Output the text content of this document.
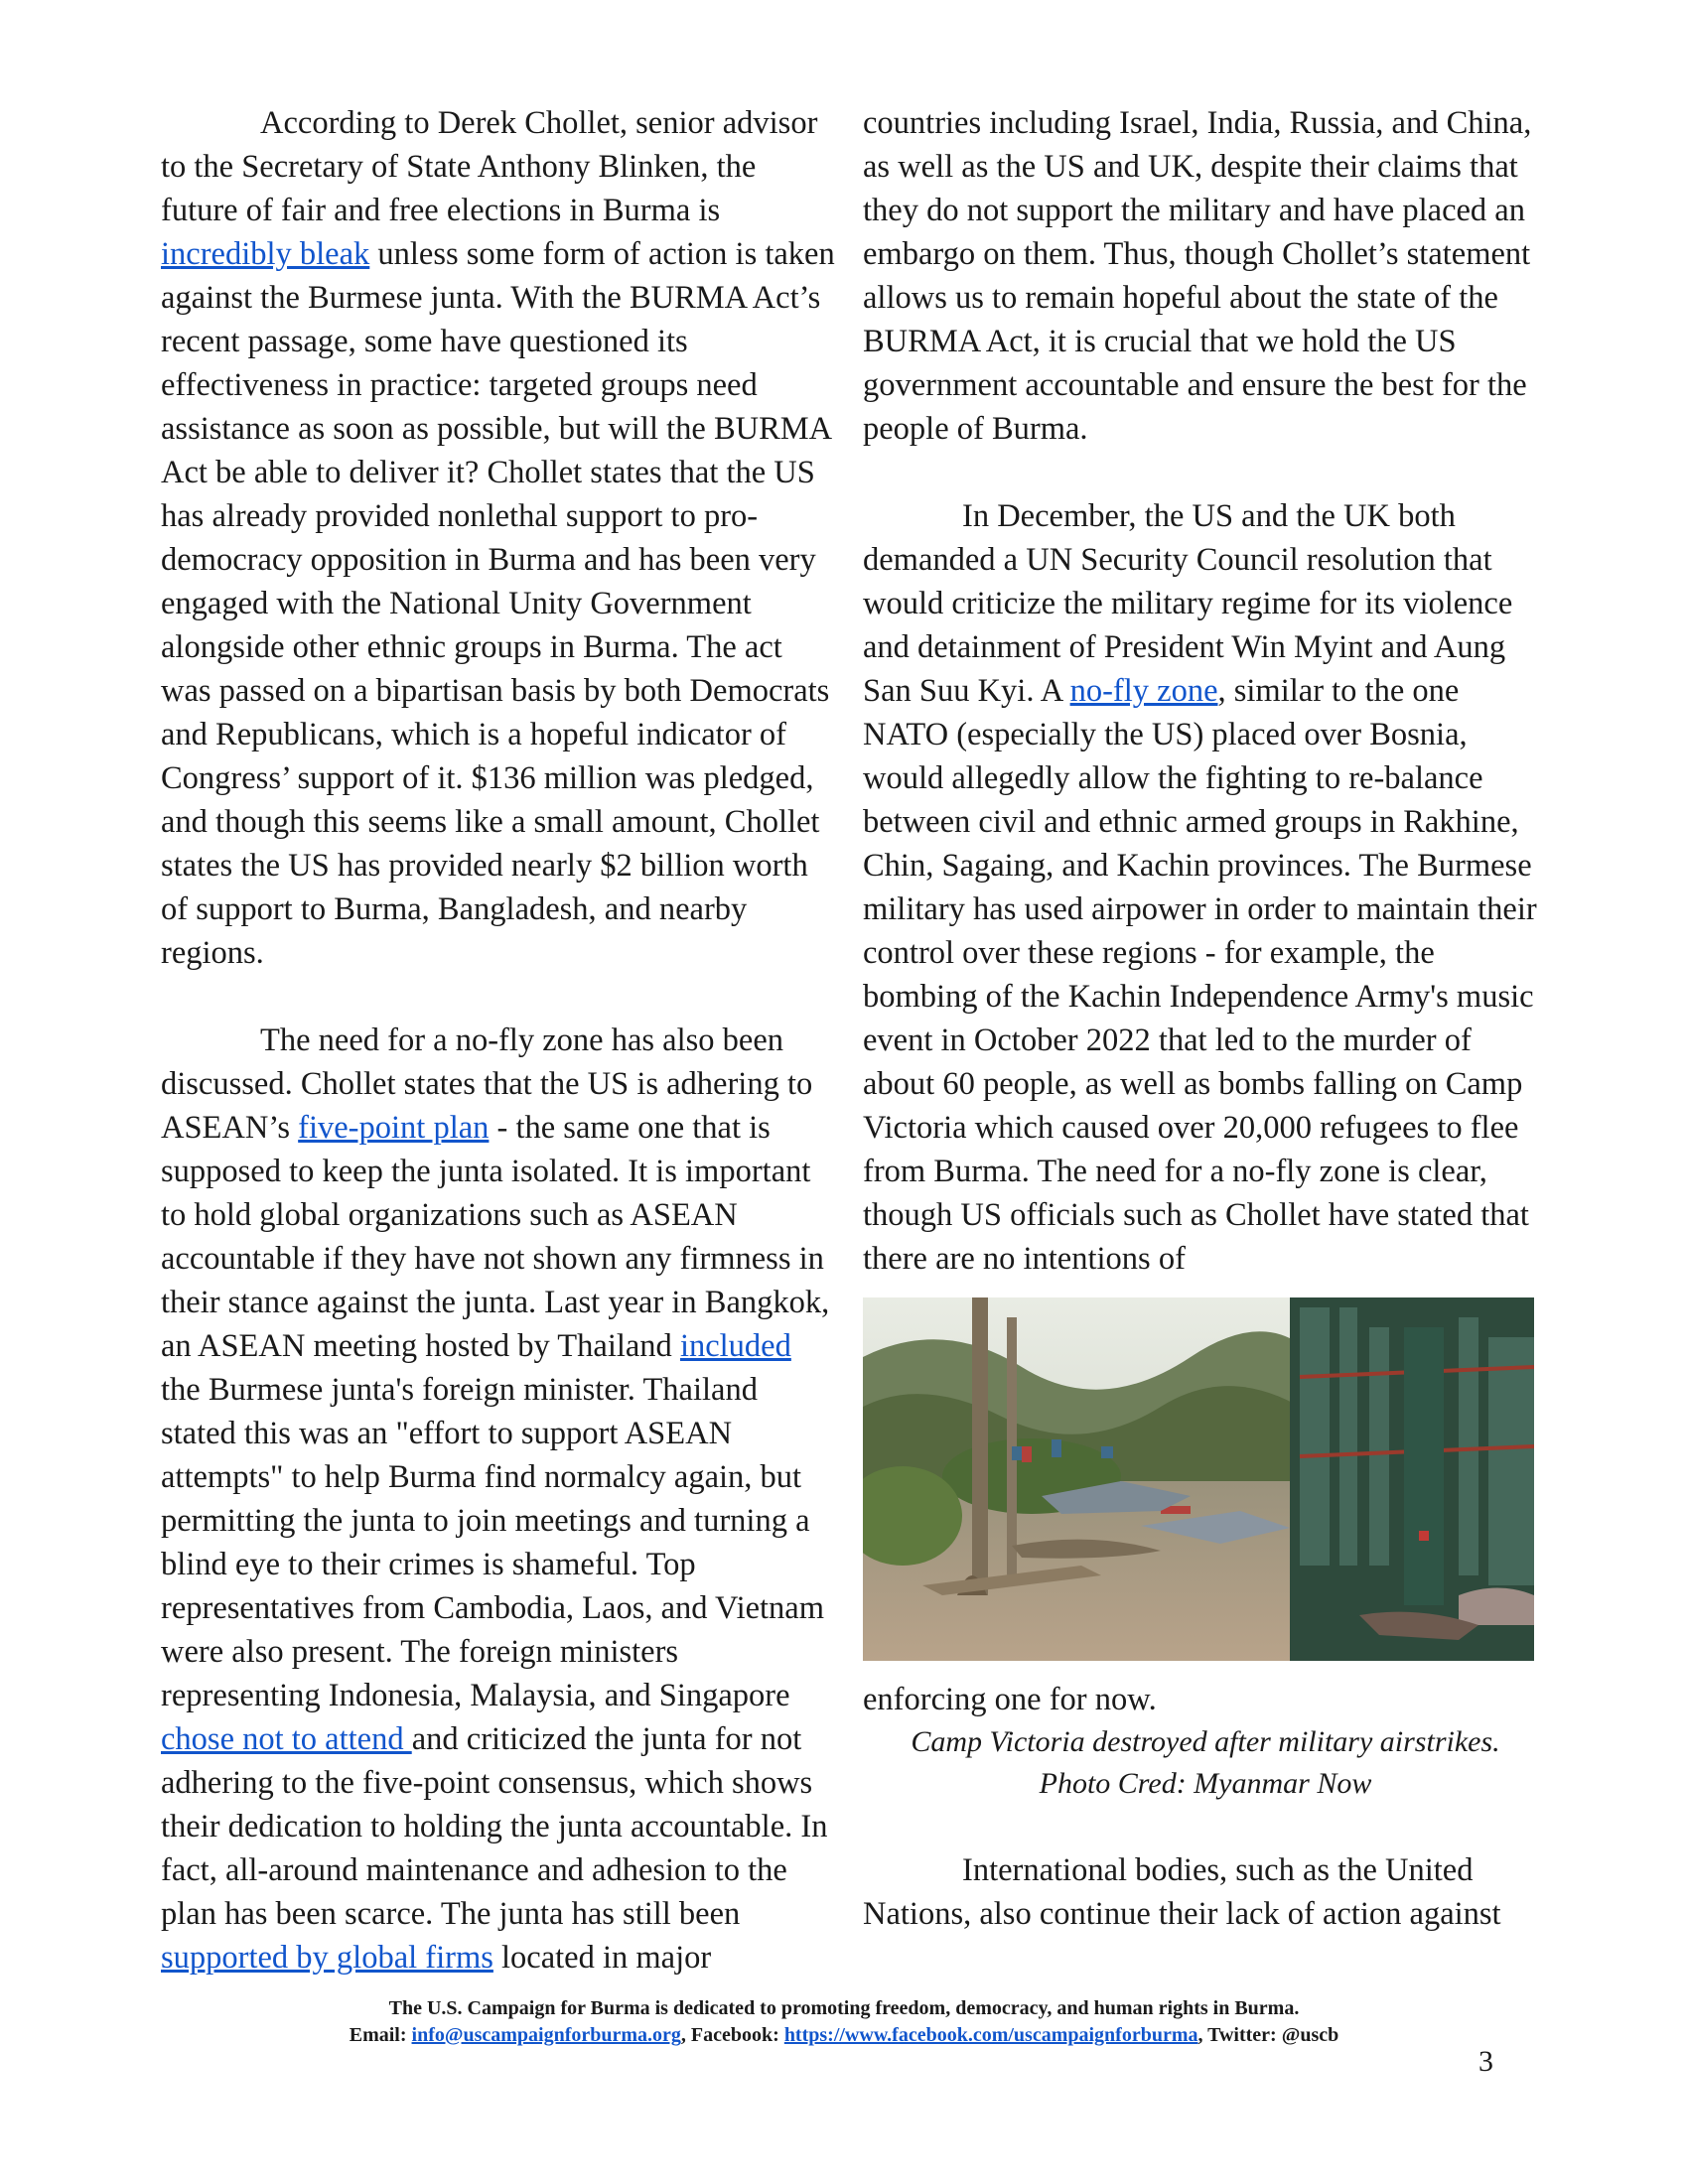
According to Derek Chollet, senior advisor to the Secretary of State Anthony Blinken, the future of fair and free elections in Burma is incredibly bleak unless some form of action is taken against the Burmese junta. With the BURMA Act’s recent passage, some have questioned its effectiveness in practice: targeted groups need assistance as soon as possible, but will the BURMA Act be able to deliver it? Chollet states that the US has already provided nonlethal support to pro-democracy opposition in Burma and has been very engaged with the National Unity Government alongside other ethnic groups in Burma. The act was passed on a bipartisan basis by both Democrats and Republicans, which is a hopeful indicator of Congress’ support of it. $136 million was pledged, and though this seems like a small amount, Chollet states the US has provided nearly $2 billion worth of support to Burma, Bangladesh, and nearby regions.

The need for a no-fly zone has also been discussed. Chollet states that the US is adhering to ASEAN’s five-point plan - the same one that is supposed to keep the junta isolated. It is important to hold global organizations such as ASEAN accountable if they have not shown any firmness in their stance against the junta. Last year in Bangkok, an ASEAN meeting hosted by Thailand included the Burmese junta's foreign minister. Thailand stated this was an "effort to support ASEAN attempts" to help Burma find normalcy again, but permitting the junta to join meetings and turning a blind eye to their crimes is shameful. Top representatives from Cambodia, Laos, and Vietnam were also present. The foreign ministers representing Indonesia, Malaysia, and Singapore chose not to attend and criticized the junta for not adhering to the five-point consensus, which shows their dedication to holding the junta accountable. In fact, all-around maintenance and adhesion to the plan has been scarce. The junta has still been supported by global firms located in major

countries including Israel, India, Russia, and China, as well as the US and UK, despite their claims that they do not support the military and have placed an embargo on them. Thus, though Chollet’s statement allows us to remain hopeful about the state of the BURMA Act, it is crucial that we hold the US government accountable and ensure the best for the people of Burma.

In December, the US and the UK both demanded a UN Security Council resolution that would criticize the military regime for its violence and detainment of President Win Myint and Aung San Suu Kyi. A no-fly zone, similar to the one NATO (especially the US) placed over Bosnia, would allegedly allow the fighting to re-balance between civil and ethnic armed groups in Rakhine, Chin, Sagaing, and Kachin provinces. The Burmese military has used airpower in order to maintain their control over these regions - for example, the bombing of the Kachin Independence Army's music event in October 2022 that led to the murder of about 60 people, as well as bombs falling on Camp Victoria which caused over 20,000 refugees to flee from Burma. The need for a no-fly zone is clear, though US officials such as Chollet have stated that there are no intentions of

enforcing one for now.

Camp Victoria destroyed after military airstrikes.

Photo Cred: Myanmar Now

International bodies, such as the United Nations, also continue their lack of action against

The U.S. Campaign for Burma is dedicated to promoting freedom, democracy, and human rights in Burma.
Email: info@uscampaignforburma.org, Facebook: https://www.facebook.com/uscampaignforburma, Twitter: @uscb
3
